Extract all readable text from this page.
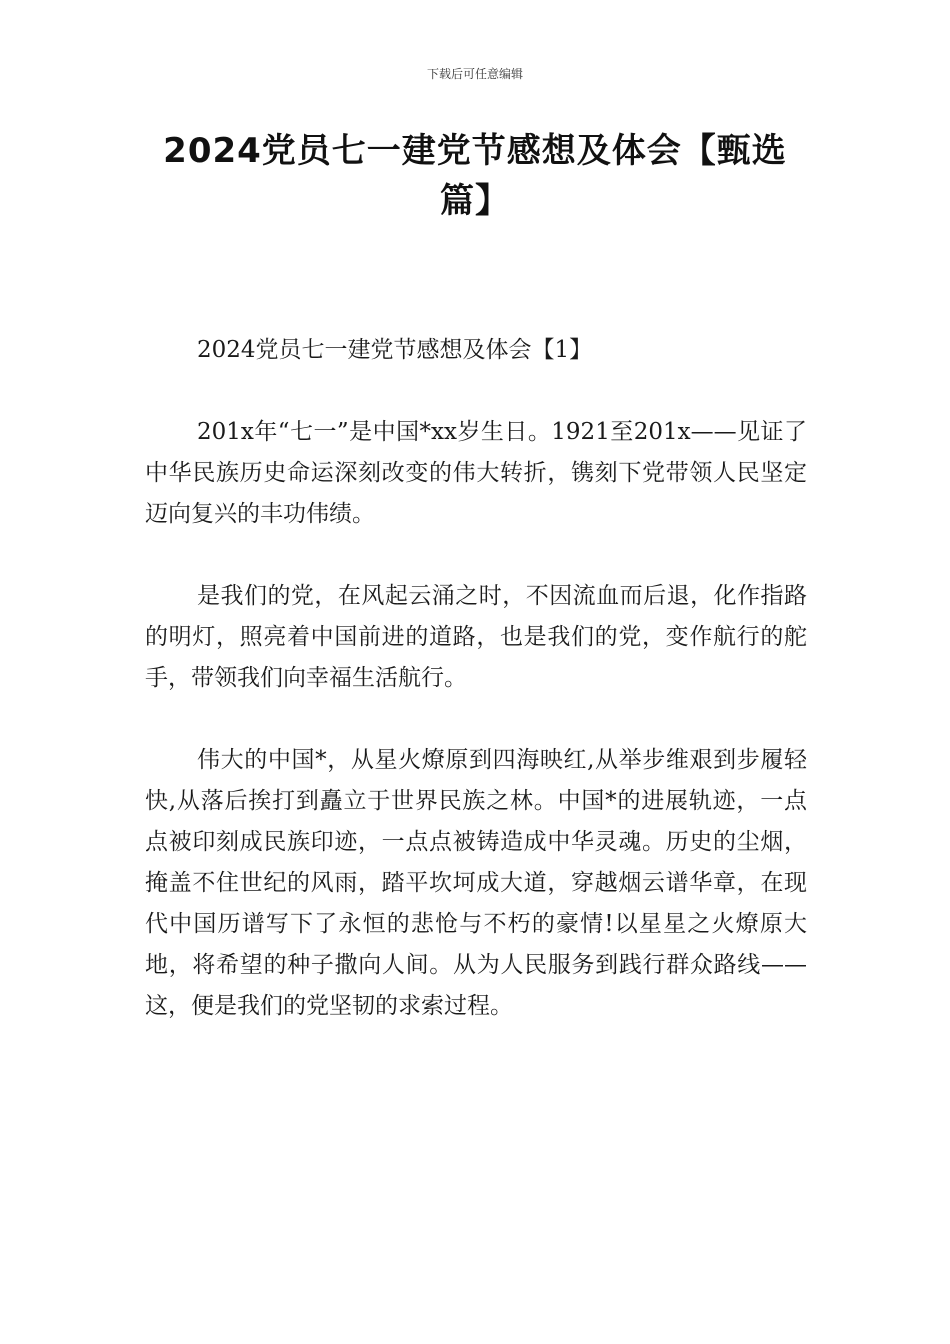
下载后可任意编辑
2024党员七一建党节感想及体会【甄选篇】

2024党员七一建党节感想及体会【1】

201x年“七一”是中国*xx岁生日。1921至201x——见证了中华民族历史命运深刻改变的伟大转折，镌刻下党带领人民坚定迈向复兴的丰功伟绩。

是我们的党，在风起云涌之时，不因流血而后退，化作指路的明灯，照亮着中国前进的道路，也是我们的党，变作航行的舵手，带领我们向幸福生活航行。

伟大的中国*，从星火燎原到四海映红,从举步维艰到步履轻快,从落后挨打到矗立于世界民族之林。中国*的进展轨迹，一点点被印刻成民族印迹，一点点被铸造成中华灵魂。历史的尘烟，掩盖不住世纪的风雨，踏平坎坷成大道，穿越烟云谱华章，在现代中国历谱写下了永恒的悲怆与不朽的豪情!以星星之火燎原大地，将希望的种子撒向人间。从为人民服务到践行群众路线——这，便是我们的党坚韧的求索过程。
